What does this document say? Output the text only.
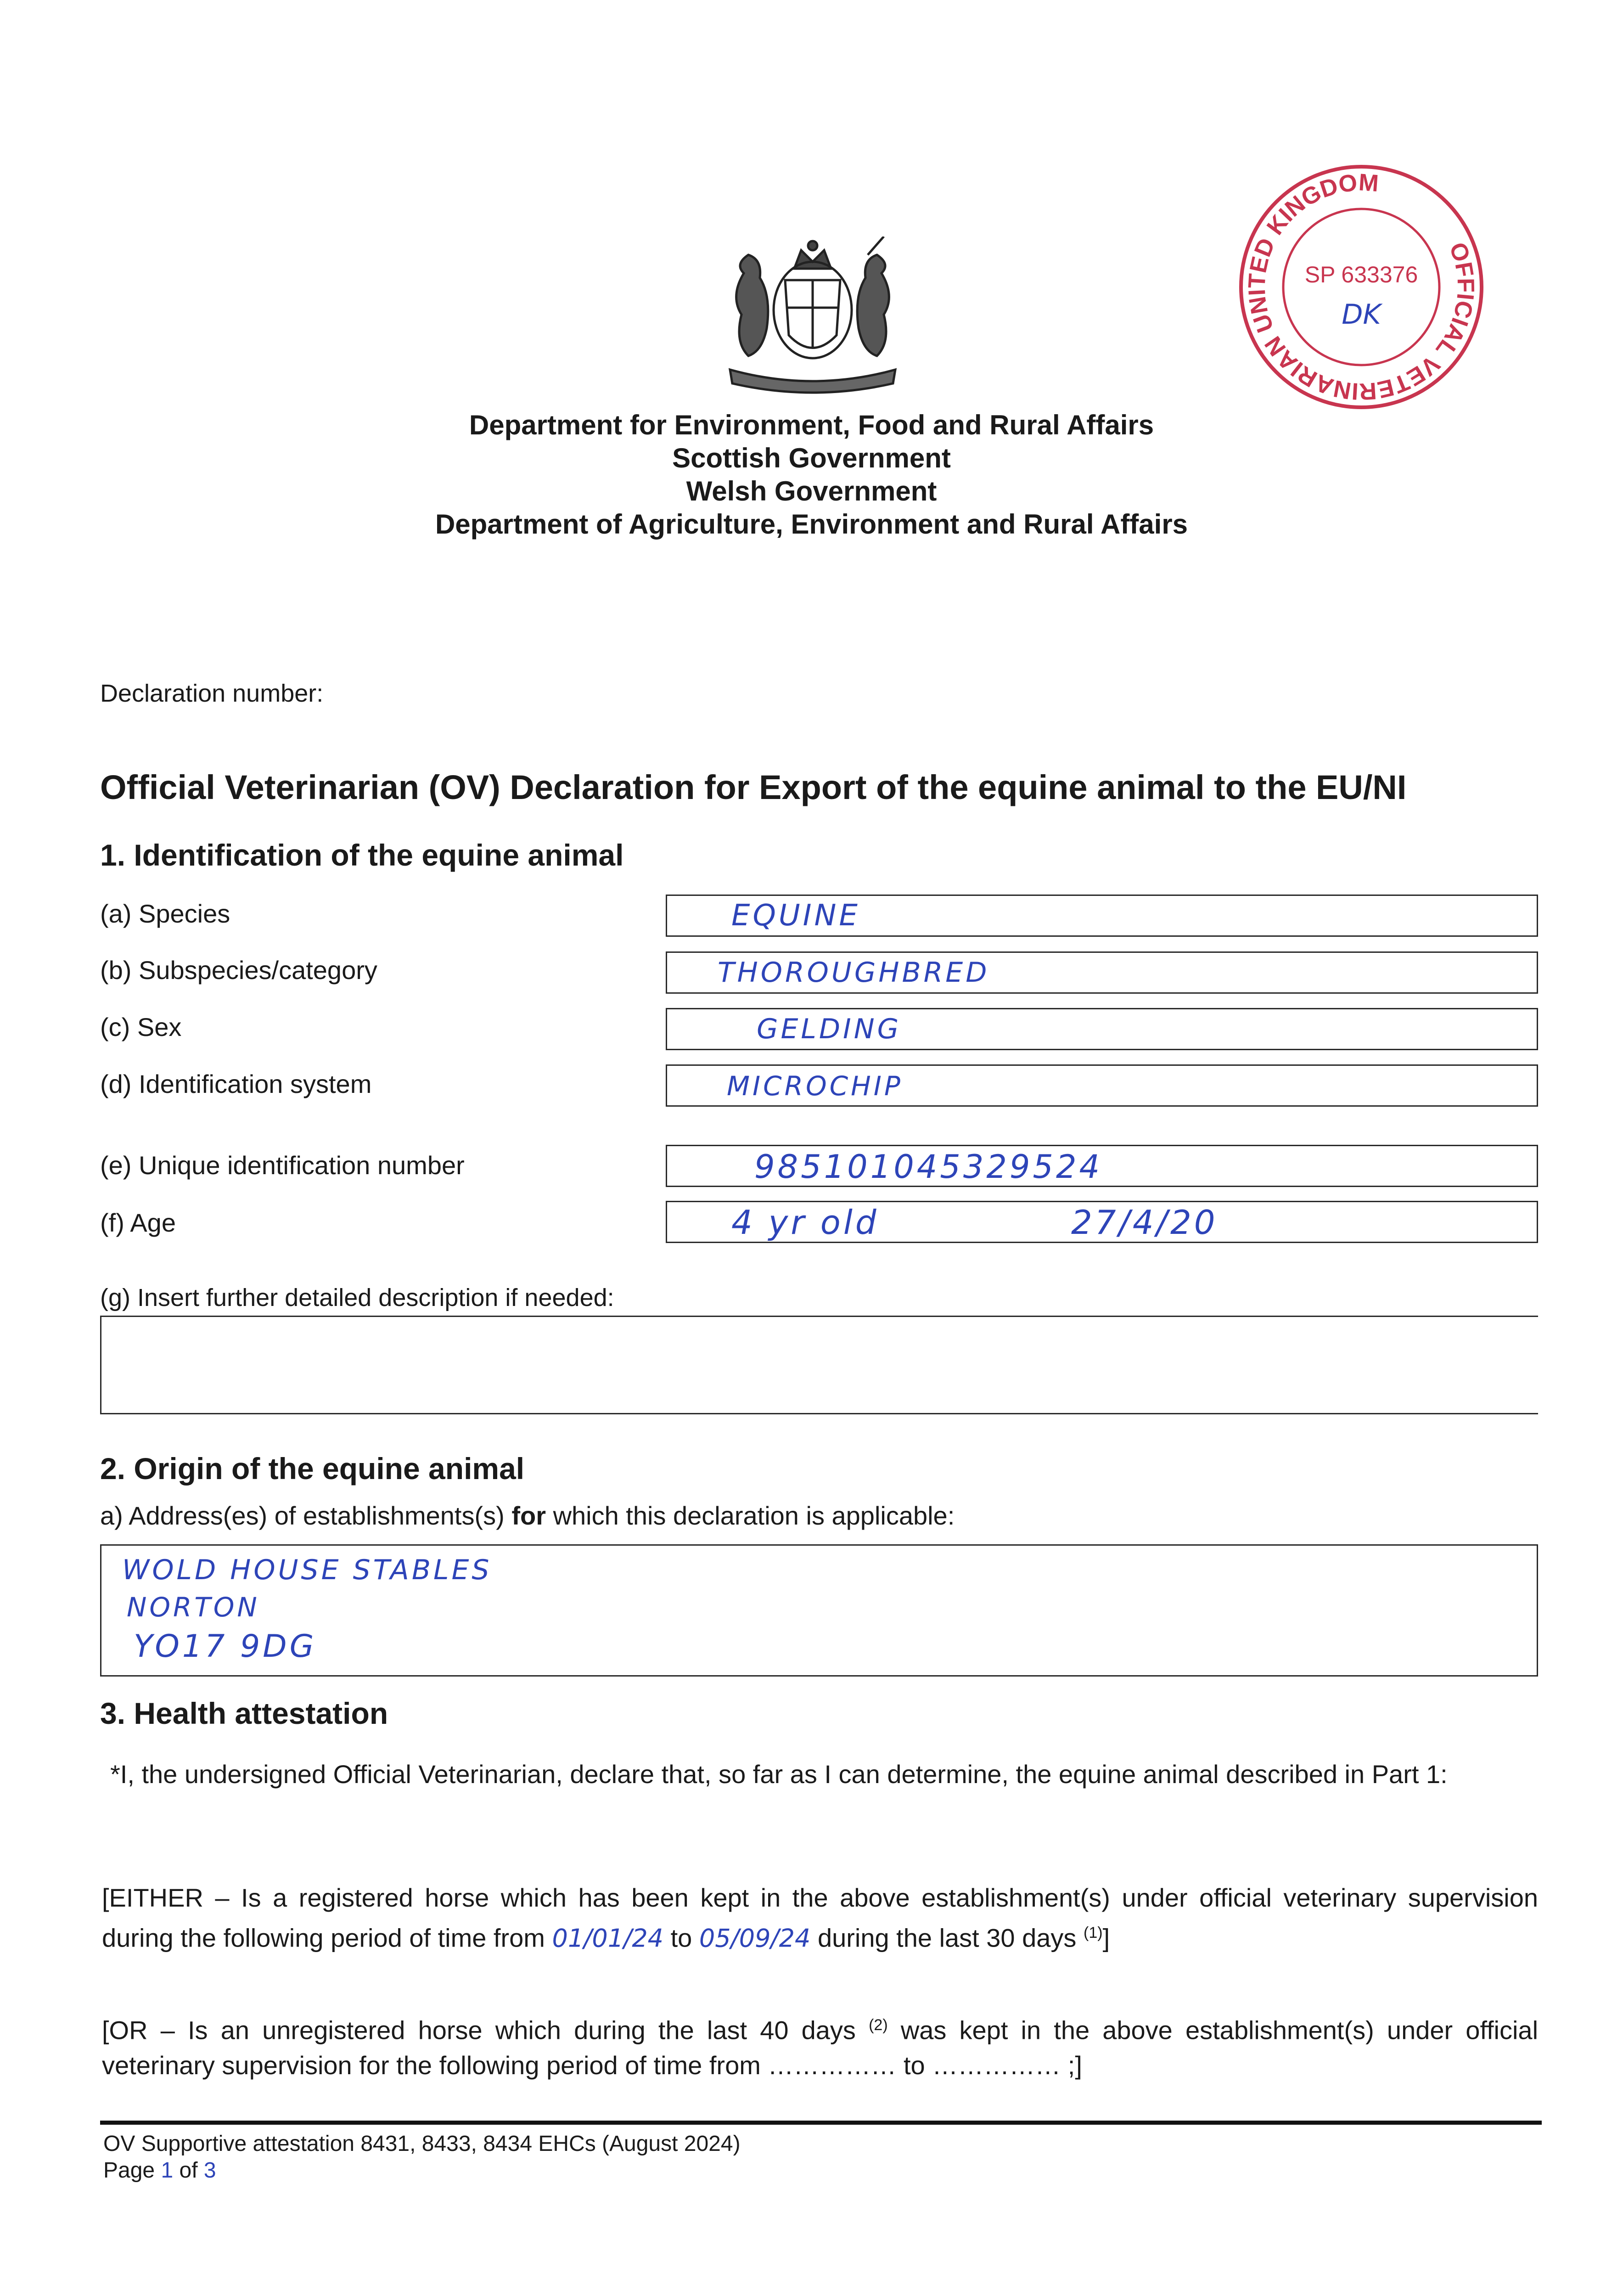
Department for Environment, Food and Rural Affairs
Scottish Government
Welsh Government
Department of Agriculture, Environment and Rural Affairs
OFFICIAL VETERINARIAN UNITED KINGDOM
SP 633376
DK
Declaration number:
Official Veterinarian (OV) Declaration for Export of the equine animal to the EU/NI
1. Identification of the equine animal
(a) Species	EQUINE
(b) Subspecies/category	THOROUGHBRED
(c) Sex	GELDING
(d) Identification system	MICROCHIP
(e) Unique identification number	985101045329524
(f) Age	4 yr old	27/4/20
(g) Insert further detailed description if needed:
2. Origin of the equine animal
a) Address(es) of establishments(s) for which this declaration is applicable:
WOLD HOUSE STABLES
NORTON
YO17 9DG
3. Health attestation
*I, the undersigned Official Veterinarian, declare that, so far as I can determine, the equine animal described in Part 1:
[EITHER – Is a registered horse which has been kept in the above establishment(s) under official veterinary supervision during the following period of time from 01/01/24 to 05/09/24 during the last 30 days $^{(1)}$]
[OR – Is an unregistered horse which during the last 40 days $^{(2)}$ was kept in the above establishment(s) under official veterinary supervision for the following period of time from …………… to …………… ;]
OV Supportive attestation 8431, 8433, 8434 EHCs (August 2024)
Page 1 of 3
